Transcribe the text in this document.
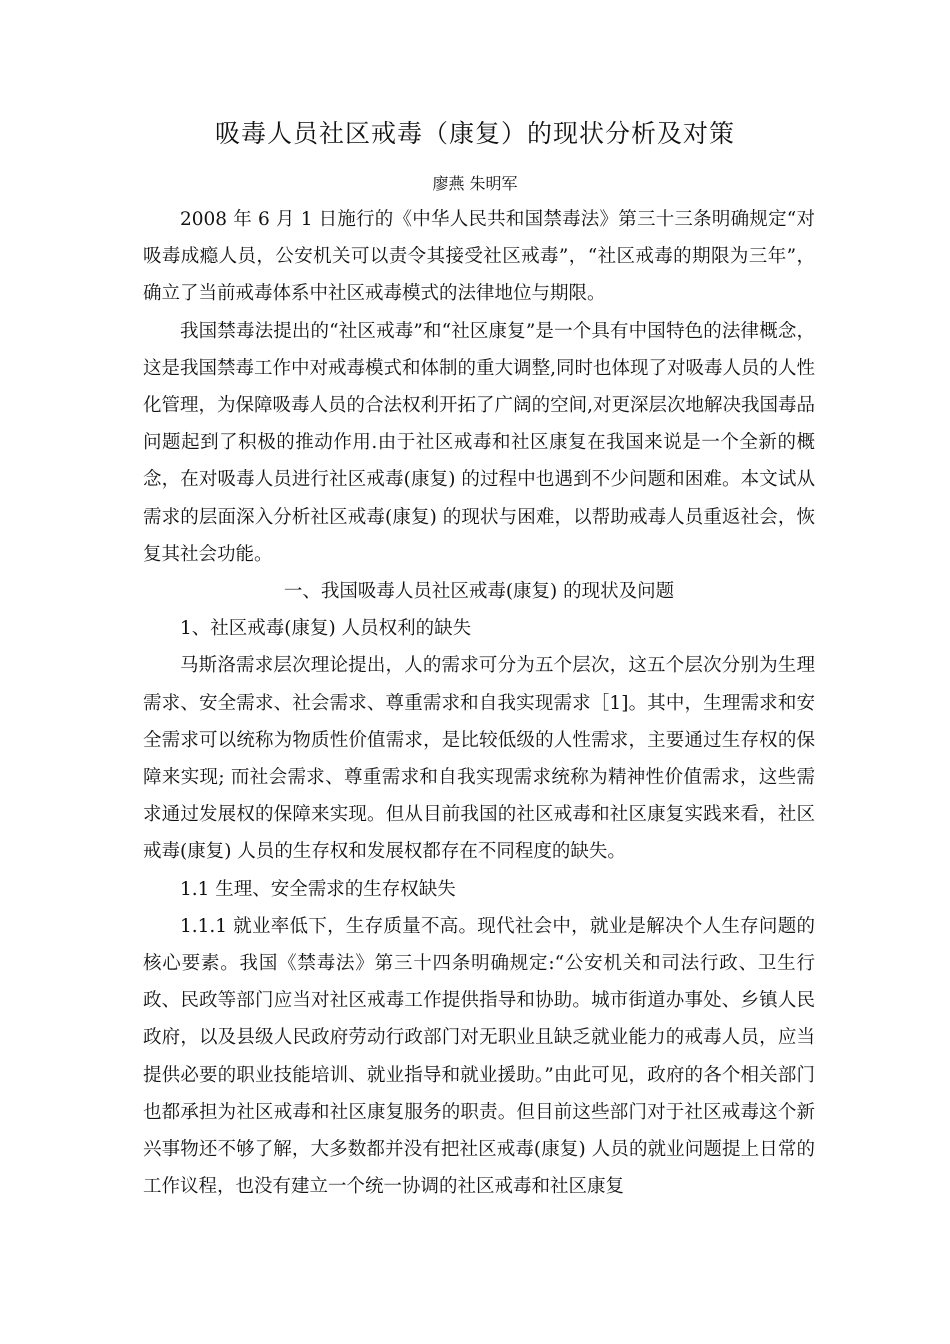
吸毒人员社区戒毒（康复）的现状分析及对策
廖燕 朱明军

2008 年 6 月 1 日施行的《中华人民共和国禁毒法》第三十三条明确规定“对吸毒成瘾人员，公安机关可以责令其接受社区戒毒”，“社区戒毒的期限为三年”，确立了当前戒毒体系中社区戒毒模式的法律地位与期限。

我国禁毒法提出的“社区戒毒”和“社区康复”是一个具有中国特色的法律概念，这是我国禁毒工作中对戒毒模式和体制的重大调整,同时也体现了对吸毒人员的人性化管理，为保障吸毒人员的合法权利开拓了广阔的空间,对更深层次地解决我国毒品问题起到了积极的推动作用.由于社区戒毒和社区康复在我国来说是一个全新的概念，在对吸毒人员进行社区戒毒(康复) 的过程中也遇到不少问题和困难。本文试从需求的层面深入分析社区戒毒(康复) 的现状与困难，以帮助戒毒人员重返社会，恢复其社会功能。

一、我国吸毒人员社区戒毒(康复) 的现状及问题

1、社区戒毒(康复) 人员权利的缺失

马斯洛需求层次理论提出，人的需求可分为五个层次，这五个层次分别为生理需求、安全需求、社会需求、尊重需求和自我实现需求［1]。其中，生理需求和安全需求可以统称为物质性价值需求，是比较低级的人性需求，主要通过生存权的保障来实现; 而社会需求、尊重需求和自我实现需求统称为精神性价值需求，这些需求通过发展权的保障来实现。但从目前我国的社区戒毒和社区康复实践来看，社区戒毒(康复) 人员的生存权和发展权都存在不同程度的缺失。

1.1 生理、安全需求的生存权缺失

1.1.1 就业率低下，生存质量不高。现代社会中，就业是解决个人生存问题的核心要素。我国《禁毒法》第三十四条明确规定:“公安机关和司法行政、卫生行政、民政等部门应当对社区戒毒工作提供指导和协助。城市街道办事处、乡镇人民政府，以及县级人民政府劳动行政部门对无职业且缺乏就业能力的戒毒人员，应当提供必要的职业技能培训、就业指导和就业援助。”由此可见，政府的各个相关部门也都承担为社区戒毒和社区康复服务的职责。但目前这些部门对于社区戒毒这个新兴事物还不够了解，大多数都并没有把社区戒毒(康复) 人员的就业问题提上日常的工作议程，也没有建立一个统一协调的社区戒毒和社区康复
